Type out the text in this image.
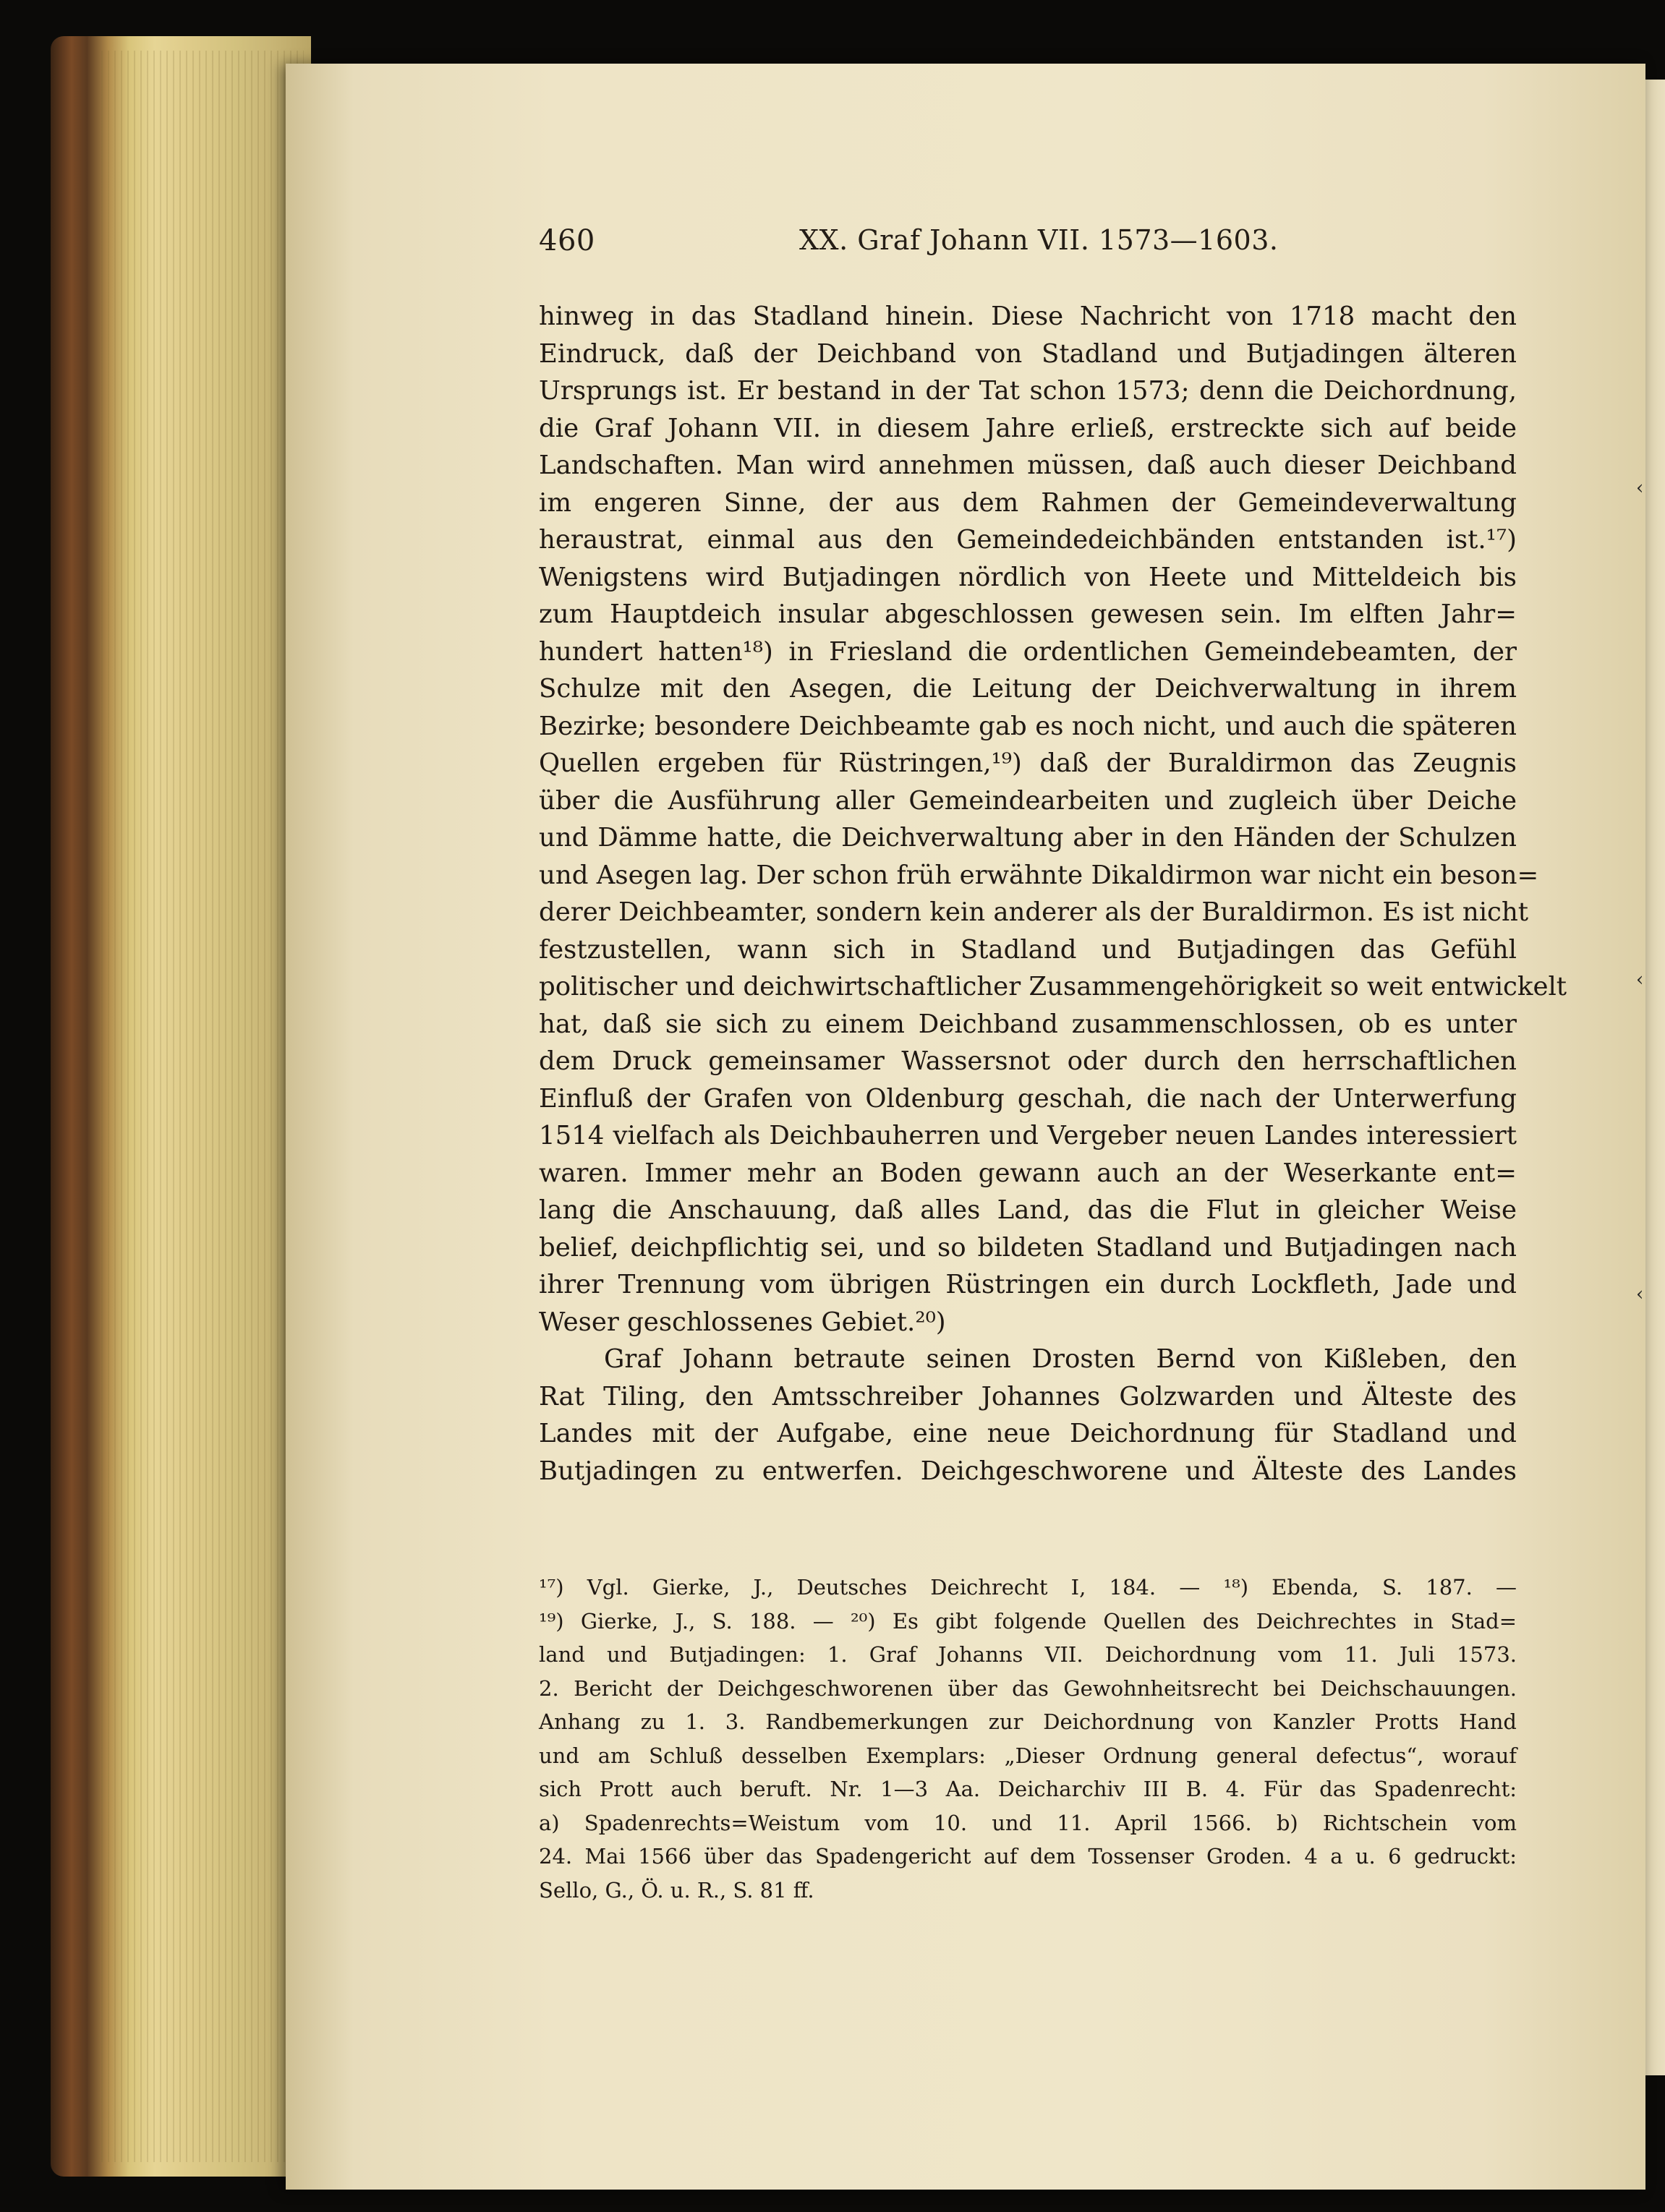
460	XX. Graf Johann VII. 1573—1603.
hinweg in das Stadland hinein. Diese Nachricht von 1718 macht den
Eindruck, daß der Deichband von Stadland und Butjadingen älteren
Ursprungs ist. Er bestand in der Tat schon 1573; denn die Deichordnung,
die Graf Johann VII. in diesem Jahre erließ, erstreckte sich auf beide
Landschaften. Man wird annehmen müssen, daß auch dieser Deichband
im engeren Sinne, der aus dem Rahmen der Gemeindeverwaltung
heraustrat, einmal aus den Gemeindedeichbänden entstanden ist.¹⁷)
Wenigstens wird Butjadingen nördlich von Heete und Mitteldeich bis
zum Hauptdeich insular abgeschlossen gewesen sein. Im elften Jahr=
hundert hatten¹⁸) in Friesland die ordentlichen Gemeindebeamten, der
Schulze mit den Asegen, die Leitung der Deichverwaltung in ihrem
Bezirke; besondere Deichbeamte gab es noch nicht, und auch die späteren
Quellen ergeben für Rüstringen,¹⁹) daß der Buraldirmon das Zeugnis
über die Ausführung aller Gemeindearbeiten und zugleich über Deiche
und Dämme hatte, die Deichverwaltung aber in den Händen der Schulzen
und Asegen lag. Der schon früh erwähnte Dikaldirmon war nicht ein beson=
derer Deichbeamter, sondern kein anderer als der Buraldirmon. Es ist nicht
festzustellen, wann sich in Stadland und Butjadingen das Gefühl
politischer und deichwirtschaftlicher Zusammengehörigkeit so weit entwickelt
hat, daß sie sich zu einem Deichband zusammenschlossen, ob es unter
dem Druck gemeinsamer Wassersnot oder durch den herrschaftlichen
Einfluß der Grafen von Oldenburg geschah, die nach der Unterwerfung
1514 vielfach als Deichbauherren und Vergeber neuen Landes interessiert
waren. Immer mehr an Boden gewann auch an der Weserkante ent=
lang die Anschauung, daß alles Land, das die Flut in gleicher Weise
belief, deichpflichtig sei, und so bildeten Stadland und Butjadingen nach
ihrer Trennung vom übrigen Rüstringen ein durch Lockfleth, Jade und
Weser geschlossenes Gebiet.²⁰)
Graf Johann betraute seinen Drosten Bernd von Kißleben, den
Rat Tiling, den Amtsschreiber Johannes Golzwarden und Älteste des
Landes mit der Aufgabe, eine neue Deichordnung für Stadland und
Butjadingen zu entwerfen. Deichgeschworene und Älteste des Landes
¹⁷) Vgl. Gierke, J., Deutsches Deichrecht I, 184. — ¹⁸) Ebenda, S. 187. —
¹⁹) Gierke, J., S. 188. — ²⁰) Es gibt folgende Quellen des Deichrechtes in Stad=
land und Butjadingen: 1. Graf Johanns VII. Deichordnung vom 11. Juli 1573.
2. Bericht der Deichgeschworenen über das Gewohnheitsrecht bei Deichschauungen.
Anhang zu 1. 3. Randbemerkungen zur Deichordnung von Kanzler Protts Hand
und am Schluß desselben Exemplars: „Dieser Ordnung general defectus“, worauf
sich Prott auch beruft. Nr. 1—3 Aa. Deicharchiv III B. 4. Für das Spadenrecht:
a) Spadenrechts=Weistum vom 10. und 11. April 1566. b) Richtschein vom
24. Mai 1566 über das Spadengericht auf dem Tossenser Groden. 4 a u. 6 gedruckt:
Sello, G., Ö. u. R., S. 81 ff.
‹
‹
‹
